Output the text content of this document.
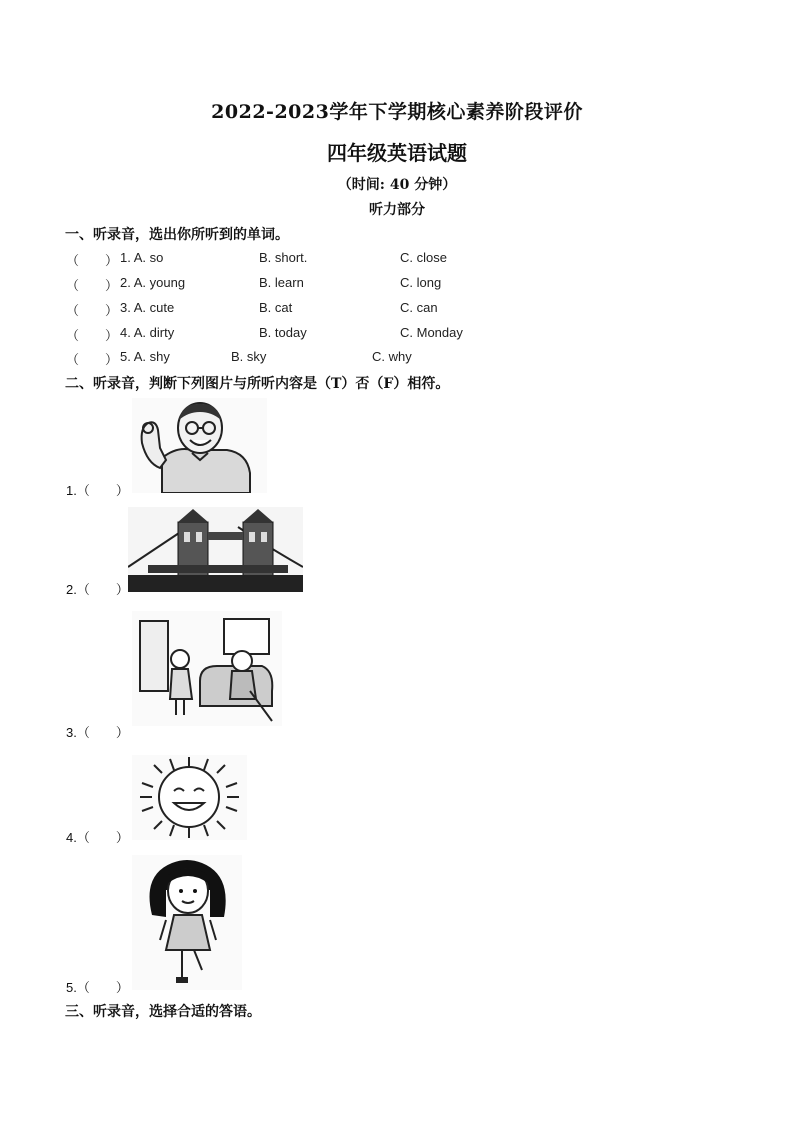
2022-2023学年下学期核心素养阶段评价
四年级英语试题
（时间: 40 分钟）
听力部分
一、听录音，选出你所听到的单词。
（　　） 1. A. so	B. short.	C. close
（　　） 2. A. young	B. learn	C. long
（　　） 3. A. cute	B. cat	C. can
（　　） 4. A. dirty	B. today	C. Monday
（　　） 5. A. shy	B. sky	C. why
二、听录音，判断下列图片与所听内容是（T）否（F）相符。
1.（　　）
2.（　　）
3.（　　）
4.（　　）
5.（　　）
三、听录音，选择合适的答语。
